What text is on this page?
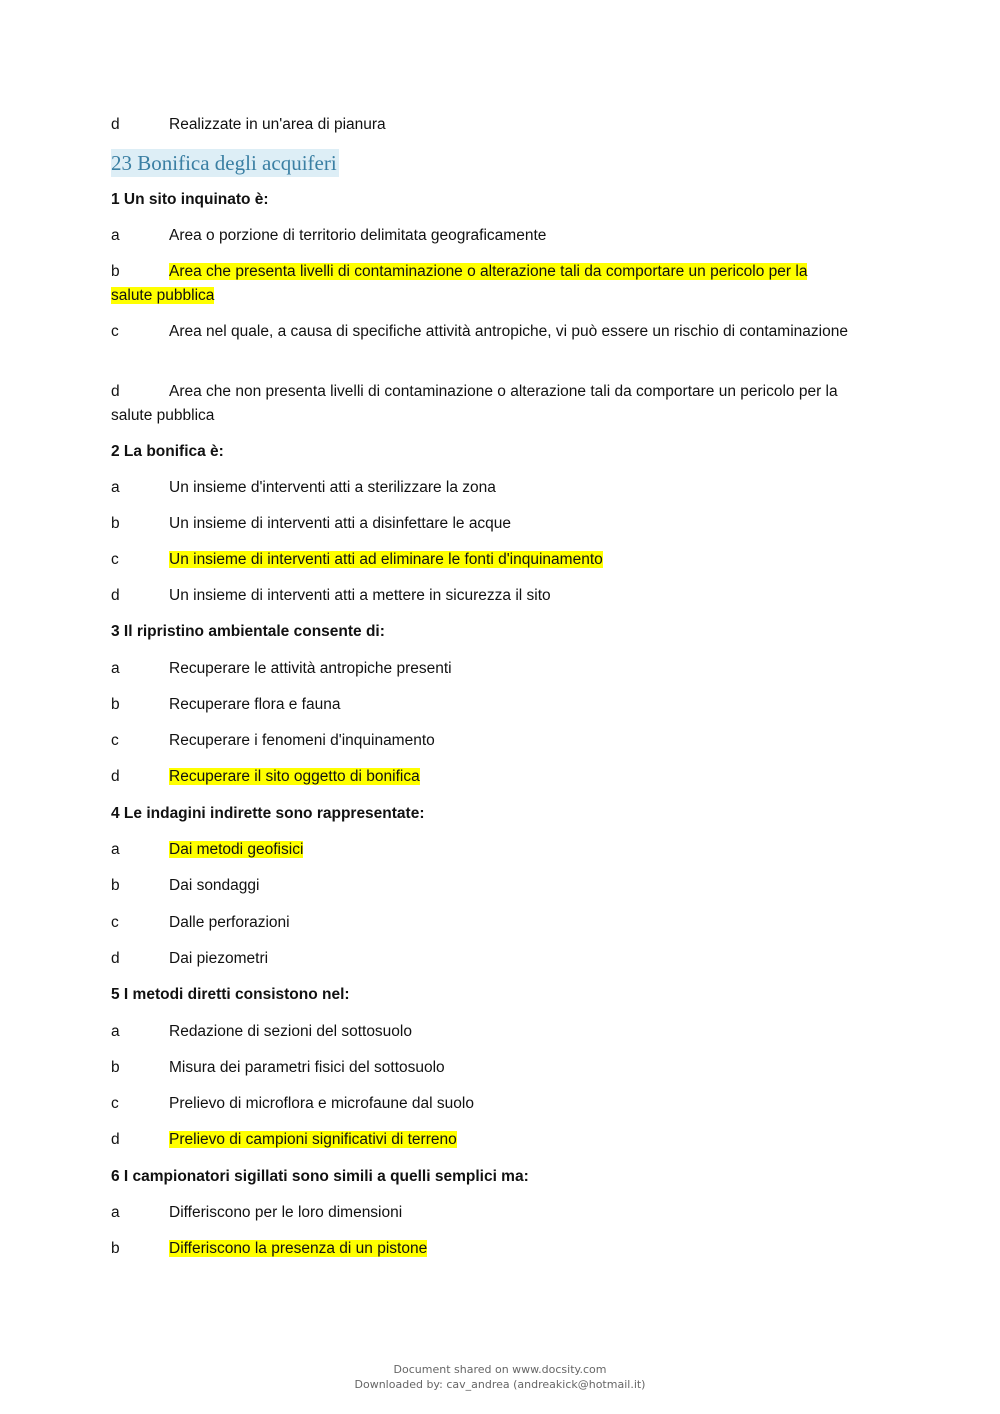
d	Realizzate in un'area di pianura
23 Bonifica degli acquiferi
1 Un sito inquinato è:
a	Area o porzione di territorio delimitata geograficamente
b	Area che presenta livelli di contaminazione o alterazione tali da comportare un pericolo per la
salute pubblica
c	Area nel quale, a causa di specifiche attività antropiche, vi può essere un rischio di contaminazione
d	Area che non presenta livelli di contaminazione o alterazione tali da comportare un pericolo per la
salute pubblica
2 La bonifica è:
a	Un insieme d'interventi atti a sterilizzare la zona
b	Un insieme di interventi atti a disinfettare le acque
c	Un insieme di interventi atti ad eliminare le fonti d'inquinamento
d	Un insieme di interventi atti a mettere in sicurezza il sito
3 Il ripristino ambientale consente di:
a	Recuperare le attività antropiche presenti
b	Recuperare flora e fauna
c	Recuperare i fenomeni d'inquinamento
d	Recuperare il sito oggetto di bonifica
4 Le indagini indirette sono rappresentate:
a	Dai metodi geofisici
b	Dai sondaggi
c	Dalle perforazioni
d	Dai piezometri
5 I metodi diretti consistono nel:
a	Redazione di sezioni del sottosuolo
b	Misura dei parametri fisici del sottosuolo
c	Prelievo di microflora e microfaune dal suolo
d	Prelievo di campioni significativi di terreno
6 I campionatori sigillati sono simili a quelli semplici ma:
a	Differiscono per le loro dimensioni
b	Differiscono la presenza di un pistone
Document shared on www.docsity.com
Downloaded by: cav_andrea (andreakick@hotmail.it)
